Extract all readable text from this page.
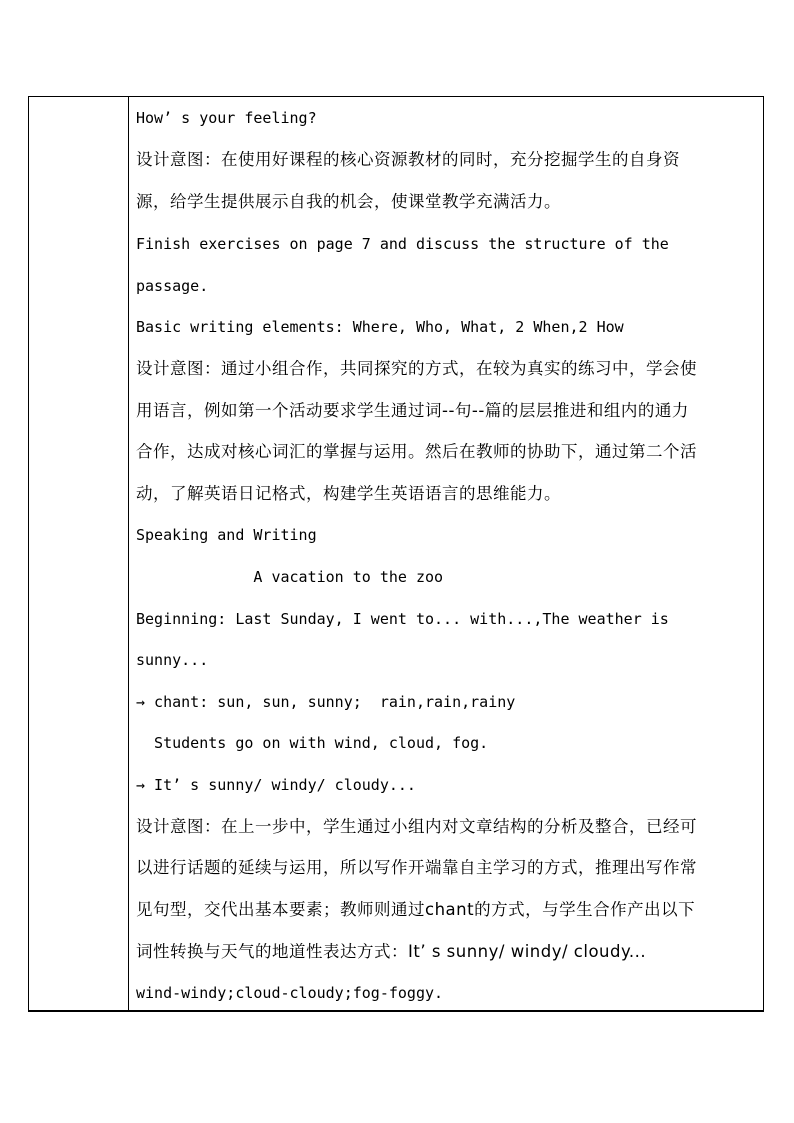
How’ s your feeling?
设计意图：在使用好课程的核心资源教材的同时，充分挖掘学生的自身资
源，给学生提供展示自我的机会，使课堂教学充满活力。
Finish exercises on page 7 and discuss the structure of the
passage.
Basic writing elements: Where, Who, What, 2 When,2 How
设计意图：通过小组合作，共同探究的方式，在较为真实的练习中，学会使
用语言，例如第一个活动要求学生通过词--句--篇的层层推进和组内的通力
合作，达成对核心词汇的掌握与运用。然后在教师的协助下，通过第二个活
动，了解英语日记格式，构建学生英语语言的思维能力。
Speaking and Writing
A vacation to the zoo
Beginning: Last Sunday, I went to... with...,The weather is
sunny...
→ chant: sun, sun, sunny;  rain,rain,rainy
Students go on with wind, cloud, fog.
→ It’ s sunny/ windy/ cloudy...
设计意图：在上一步中，学生通过小组内对文章结构的分析及整合，已经可
以进行话题的延续与运用，所以写作开端靠自主学习的方式，推理出写作常
见句型，交代出基本要素；教师则通过chant的方式，与学生合作产出以下
词性转换与天气的地道性表达方式：It’ s sunny/ windy/ cloudy...
wind-windy;cloud-cloudy;fog-foggy.
